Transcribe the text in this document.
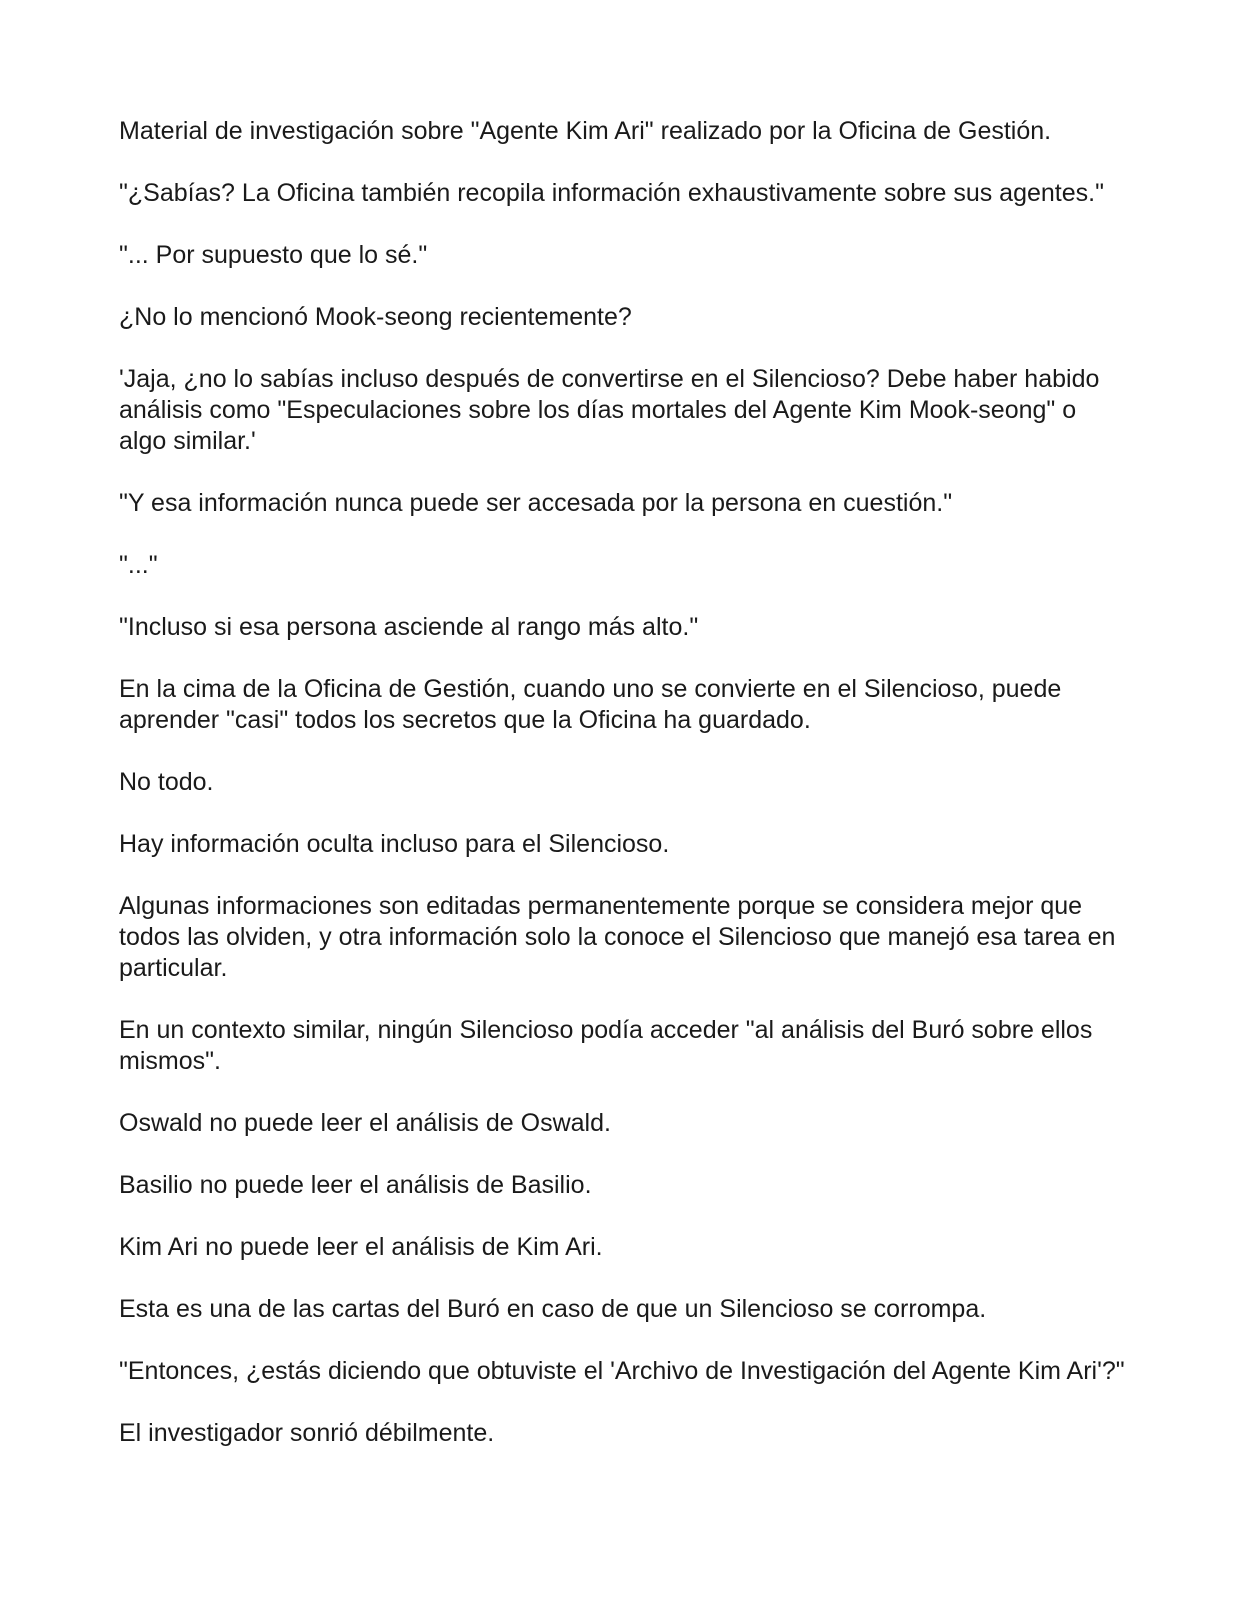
Material de investigación sobre "Agente Kim Ari" realizado por la Oficina de Gestión.

"¿Sabías? La Oficina también recopila información exhaustivamente sobre sus agentes."

"... Por supuesto que lo sé."

¿No lo mencionó Mook-seong recientemente?

'Jaja, ¿no lo sabías incluso después de convertirse en el Silencioso? Debe haber habido análisis como "Especulaciones sobre los días mortales del Agente Kim Mook-seong" o algo similar.'

"Y esa información nunca puede ser accesada por la persona en cuestión."

"..."

"Incluso si esa persona asciende al rango más alto."

En la cima de la Oficina de Gestión, cuando uno se convierte en el Silencioso, puede aprender "casi" todos los secretos que la Oficina ha guardado.

No todo.

Hay información oculta incluso para el Silencioso.

Algunas informaciones son editadas permanentemente porque se considera mejor que todos las olviden, y otra información solo la conoce el Silencioso que manejó esa tarea en particular.

En un contexto similar, ningún Silencioso podía acceder "al análisis del Buró sobre ellos mismos".

Oswald no puede leer el análisis de Oswald.

Basilio no puede leer el análisis de Basilio.

Kim Ari no puede leer el análisis de Kim Ari.

Esta es una de las cartas del Buró en caso de que un Silencioso se corrompa.

"Entonces, ¿estás diciendo que obtuviste el 'Archivo de Investigación del Agente Kim Ari'?"

El investigador sonrió débilmente.
